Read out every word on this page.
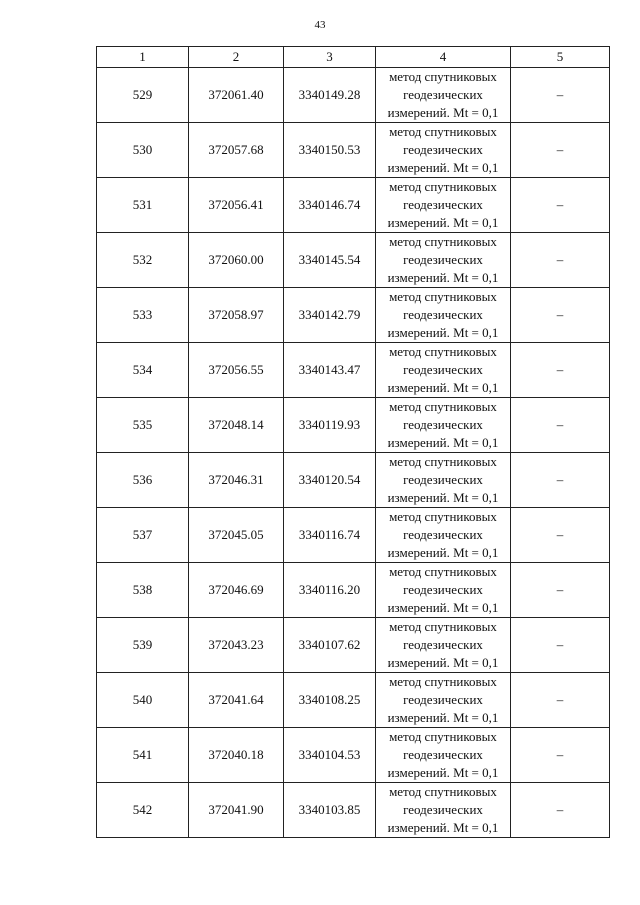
43
1	2	3	4	5
529	372061.40	3340149.28	метод спутниковых
геодезических
измерений. Mt = 0,1	–
530	372057.68	3340150.53	метод спутниковых
геодезических
измерений. Mt = 0,1	–
531	372056.41	3340146.74	метод спутниковых
геодезических
измерений. Mt = 0,1	–
532	372060.00	3340145.54	метод спутниковых
геодезических
измерений. Mt = 0,1	–
533	372058.97	3340142.79	метод спутниковых
геодезических
измерений. Mt = 0,1	–
534	372056.55	3340143.47	метод спутниковых
геодезических
измерений. Mt = 0,1	–
535	372048.14	3340119.93	метод спутниковых
геодезических
измерений. Mt = 0,1	–
536	372046.31	3340120.54	метод спутниковых
геодезических
измерений. Mt = 0,1	–
537	372045.05	3340116.74	метод спутниковых
геодезических
измерений. Mt = 0,1	–
538	372046.69	3340116.20	метод спутниковых
геодезических
измерений. Mt = 0,1	–
539	372043.23	3340107.62	метод спутниковых
геодезических
измерений. Mt = 0,1	–
540	372041.64	3340108.25	метод спутниковых
геодезических
измерений. Mt = 0,1	–
541	372040.18	3340104.53	метод спутниковых
геодезических
измерений. Mt = 0,1	–
542	372041.90	3340103.85	метод спутниковых
геодезических
измерений. Mt = 0,1	–
